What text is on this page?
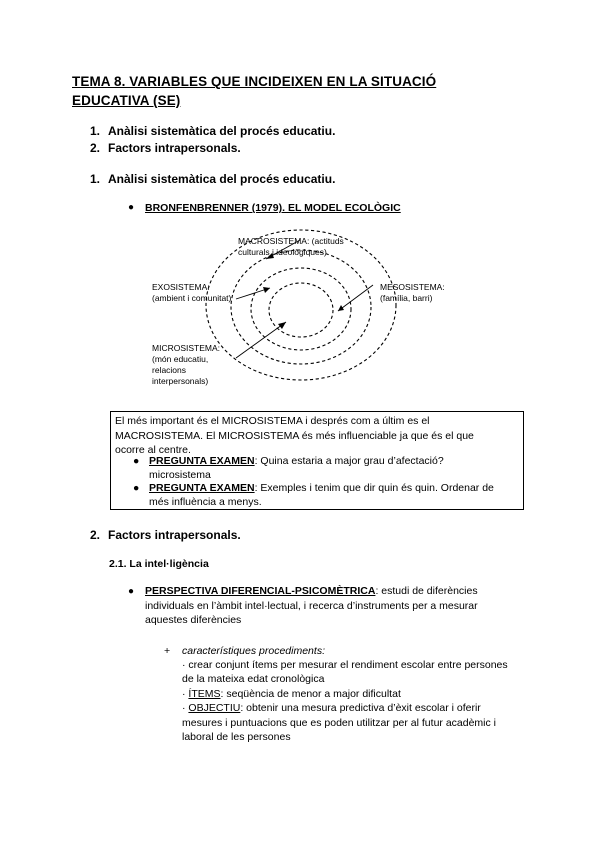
TEMA 8. VARIABLES QUE INCIDEIXEN EN LA SITUACIÓ
EDUCATIVA (SE)
1. Anàlisi sistemàtica del procés educatiu.
2. Factors intrapersonals.
1. Anàlisi sistemàtica del procés educatiu.
● BRONFENBRENNER (1979). EL MODEL ECOLÒGIC
MACROSISTEMA: (actituds
culturals i ideològiques)
EXOSISTEMA:
(ambient i comunitat)
MESOSISTEMA:
(família, barri)
MICROSISTEMA:
(món educatiu,
relacions
interpersonals)
El més important és el MICROSISTEMA i després com a últim es el
MACROSISTEMA. El MICROSISTEMA és més influenciable ja que és el que
ocorre al centre.
● PREGUNTA EXAMEN: Quina estaria a major grau d’afectació?
microsistema
● PREGUNTA EXAMEN: Exemples i tenim que dir quin és quin. Ordenar de
més influència a menys.
2. Factors intrapersonals.
2.1. La intel·ligència
● PERSPECTIVA DIFERENCIAL-PSICOMÈTRICA: estudi de diferències
individuals en l’àmbit intel·lectual, i recerca d’instruments per a mesurar
aquestes diferències
+ característiques procediments:
· crear conjunt ítems per mesurar el rendiment escolar entre persones
de la mateixa edat cronològica
· ÍTEMS: seqüència de menor a major dificultat
· OBJECTIU: obtenir una mesura predictiva d’èxit escolar i oferir
mesures i puntuacions que es poden utilitzar per al futur acadèmic i
laboral de les persones
